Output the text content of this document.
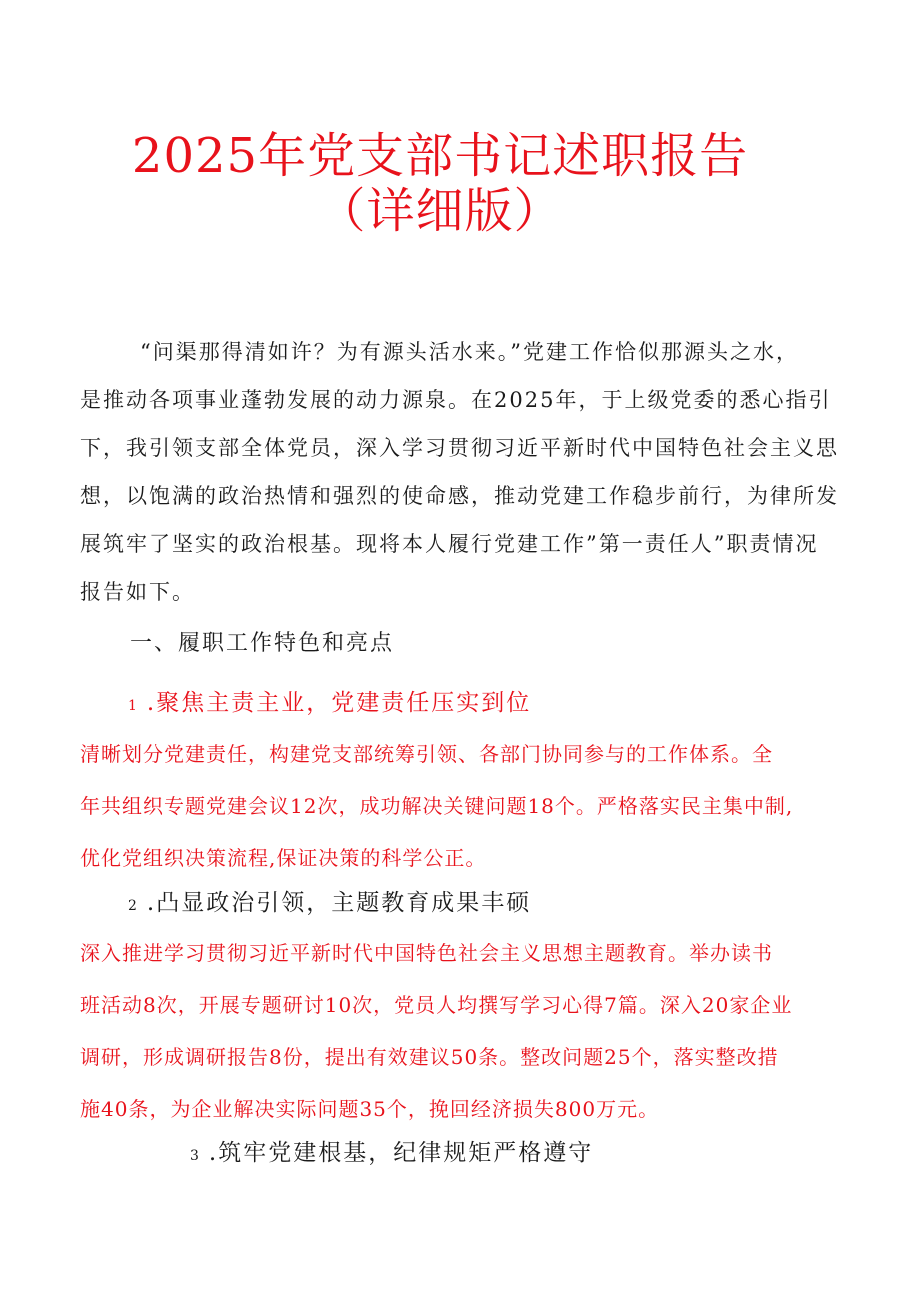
2025年党支部书记述职报告
（详细版）
“问渠那得清如许？为有源头活水来。”党建工作恰似那源头之水，
是推动各项事业蓬勃发展的动力源泉。在2025年，于上级党委的悉心指引
下，我引领支部全体党员，深入学习贯彻习近平新时代中国特色社会主义思
想，以饱满的政治热情和强烈的使命感，推动党建工作稳步前行，为律所发
展筑牢了坚实的政治根基。现将本人履行党建工作”第一责任人”职责情况
报告如下。
一、履职工作特色和亮点
1 .聚焦主责主业，党建责任压实到位
清晰划分党建责任，构建党支部统筹引领、各部门协同参与的工作体系。全
年共组织专题党建会议12次，成功解决关键问题18个。严格落实民主集中制,
优化党组织决策流程,保证决策的科学公正。
2 .凸显政治引领，主题教育成果丰硕
深入推进学习贯彻习近平新时代中国特色社会主义思想主题教育。举办读书
班活动8次，开展专题研讨10次，党员人均撰写学习心得7篇。深入20家企业
调研，形成调研报告8份，提出有效建议50条。整改问题25个，落实整改措
施40条，为企业解决实际问题35个，挽回经济损失800万元。
3 .筑牢党建根基，纪律规矩严格遵守
